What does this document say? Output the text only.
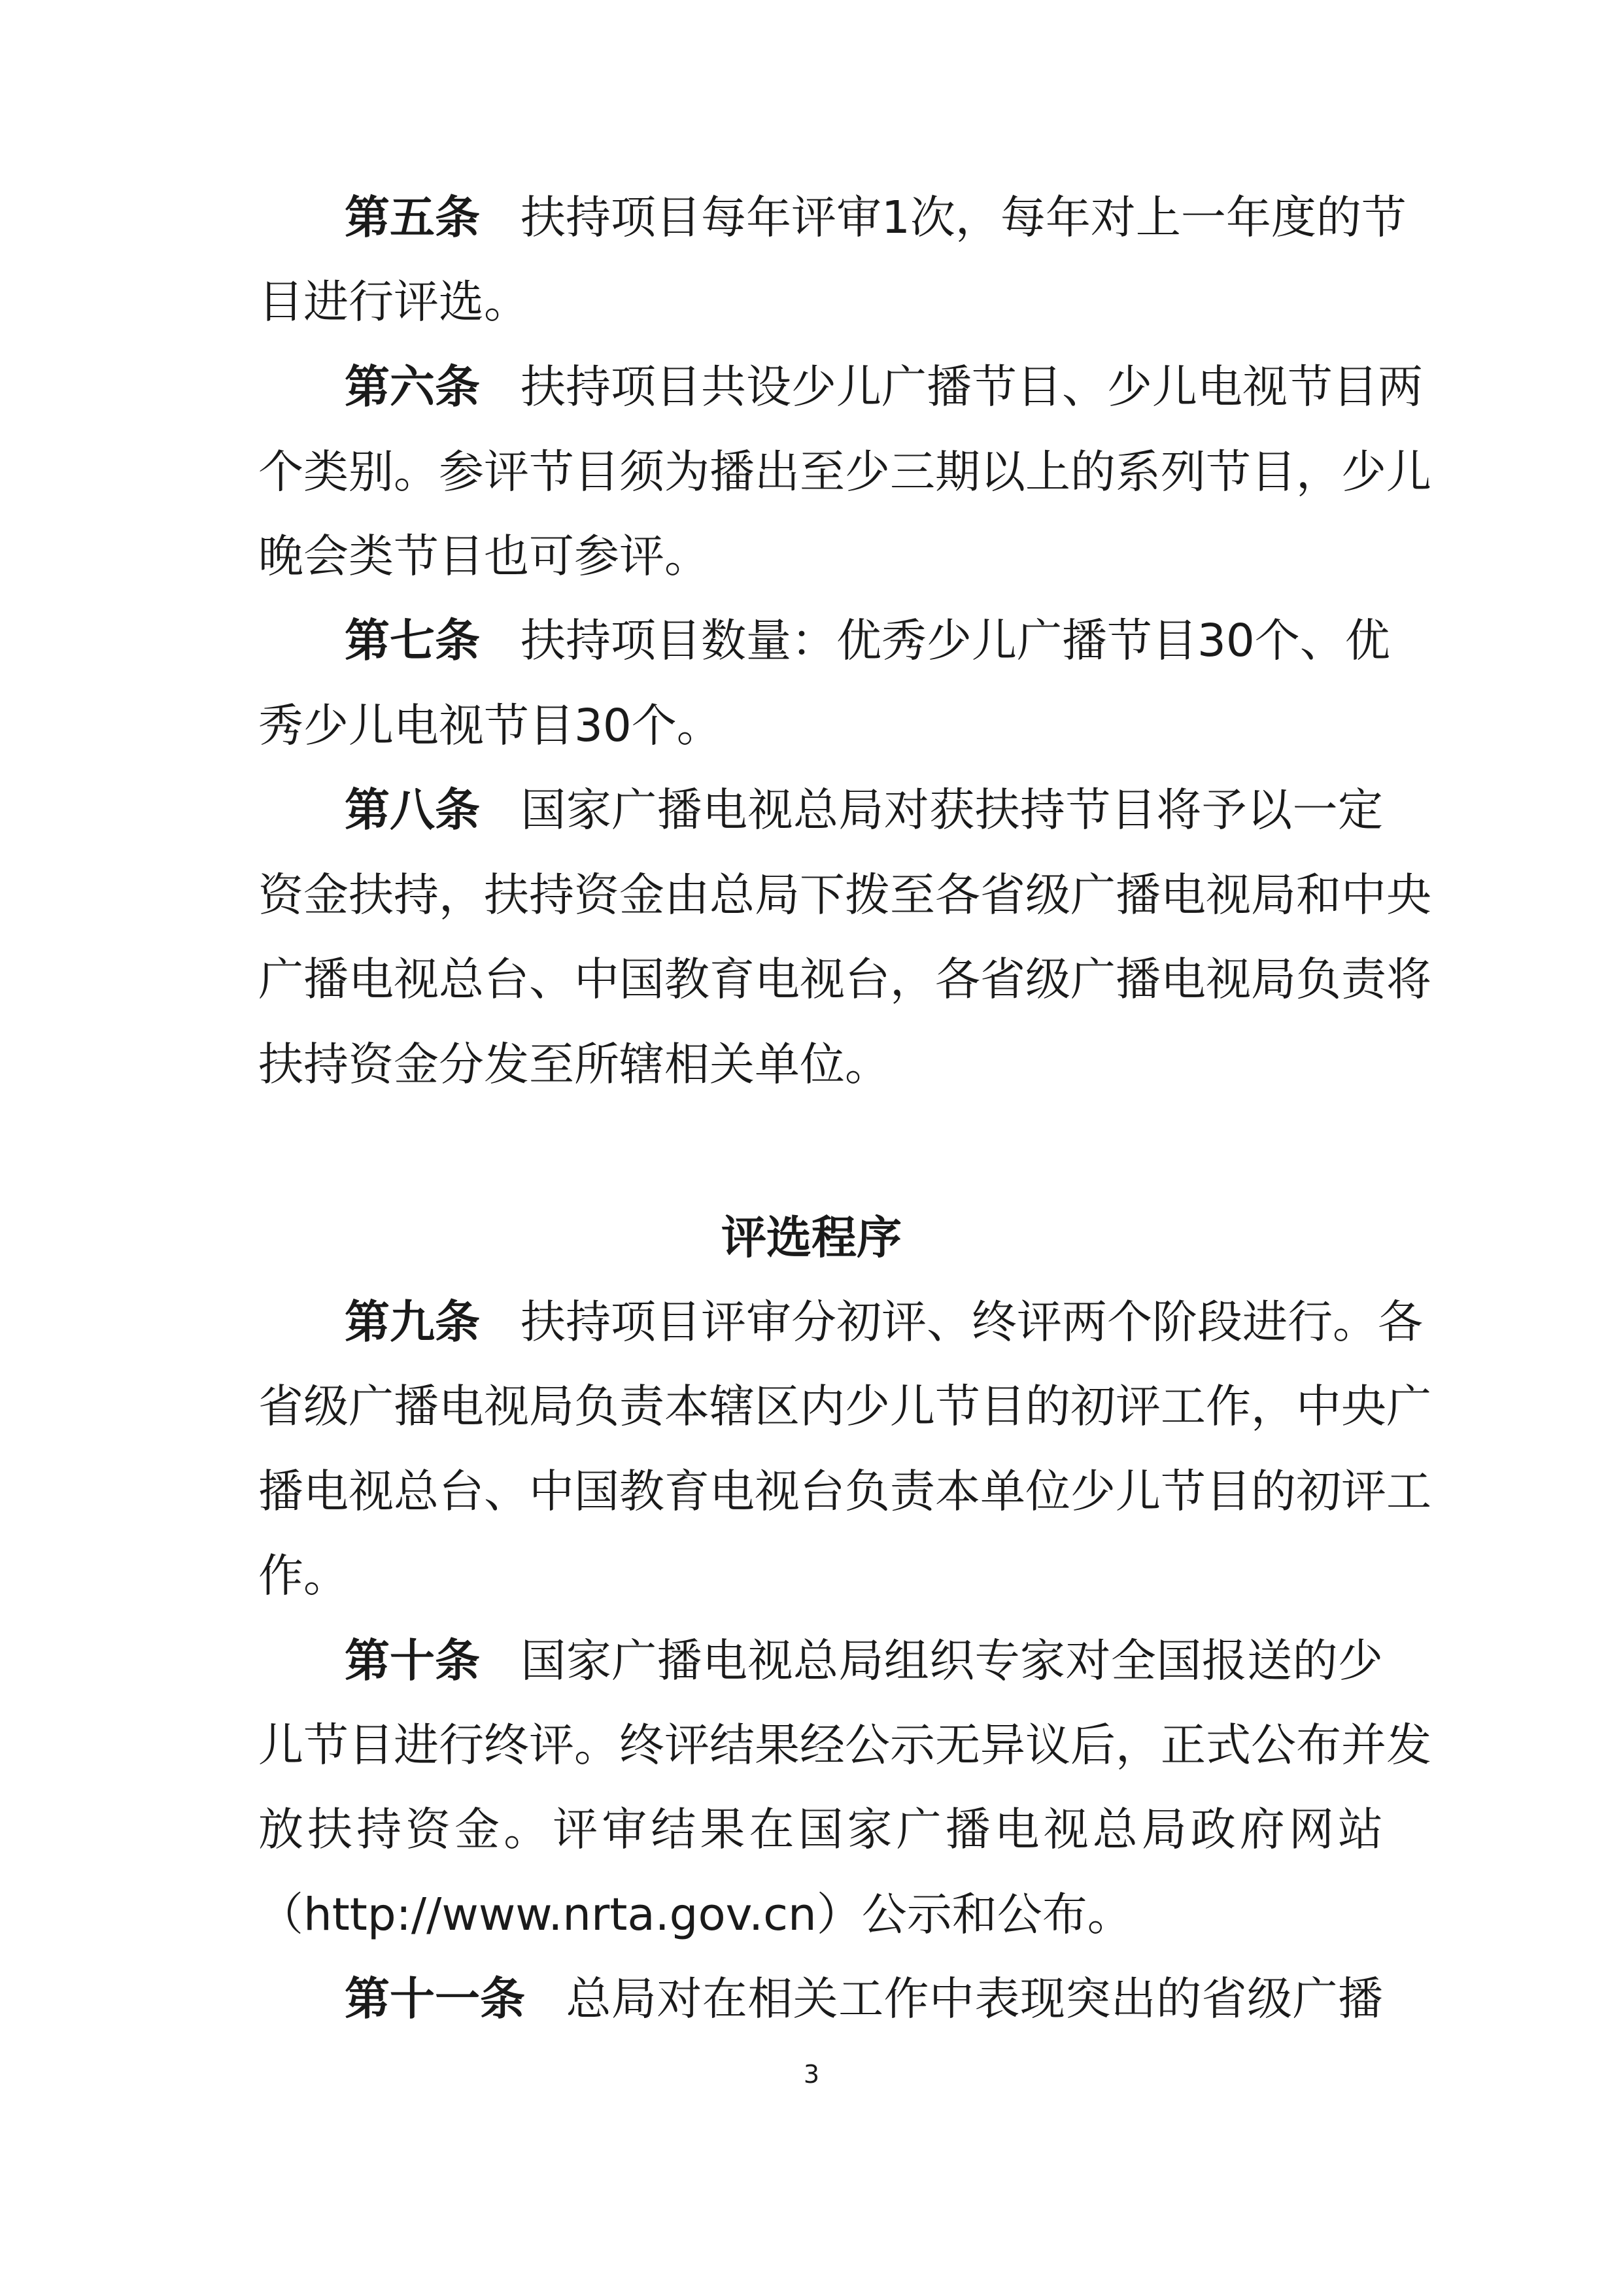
第五条 扶持项目每年评审1次，每年对上一年度的节
目进行评选。
第六条 扶持项目共设少儿广播节目、少儿电视节目两
个类别。参评节目须为播出至少三期以上的系列节目，少儿
晚会类节目也可参评。
第七条 扶持项目数量：优秀少儿广播节目30个、优
秀少儿电视节目30个。
第八条 国家广播电视总局对获扶持节目将予以一定
资金扶持，扶持资金由总局下拨至各省级广播电视局和中央
广播电视总台、中国教育电视台，各省级广播电视局负责将
扶持资金分发至所辖相关单位。
评选程序
第九条 扶持项目评审分初评、终评两个阶段进行。各
省级广播电视局负责本辖区内少儿节目的初评工作，中央广
播电视总台、中国教育电视台负责本单位少儿节目的初评工
作。
第十条 国家广播电视总局组织专家对全国报送的少
儿节目进行终评。终评结果经公示无异议后，正式公布并发
放扶持资金。评审结果在国家广播电视总局政府网站
（http://www.nrta.gov.cn）公示和公布。
第十一条 总局对在相关工作中表现突出的省级广播
3
